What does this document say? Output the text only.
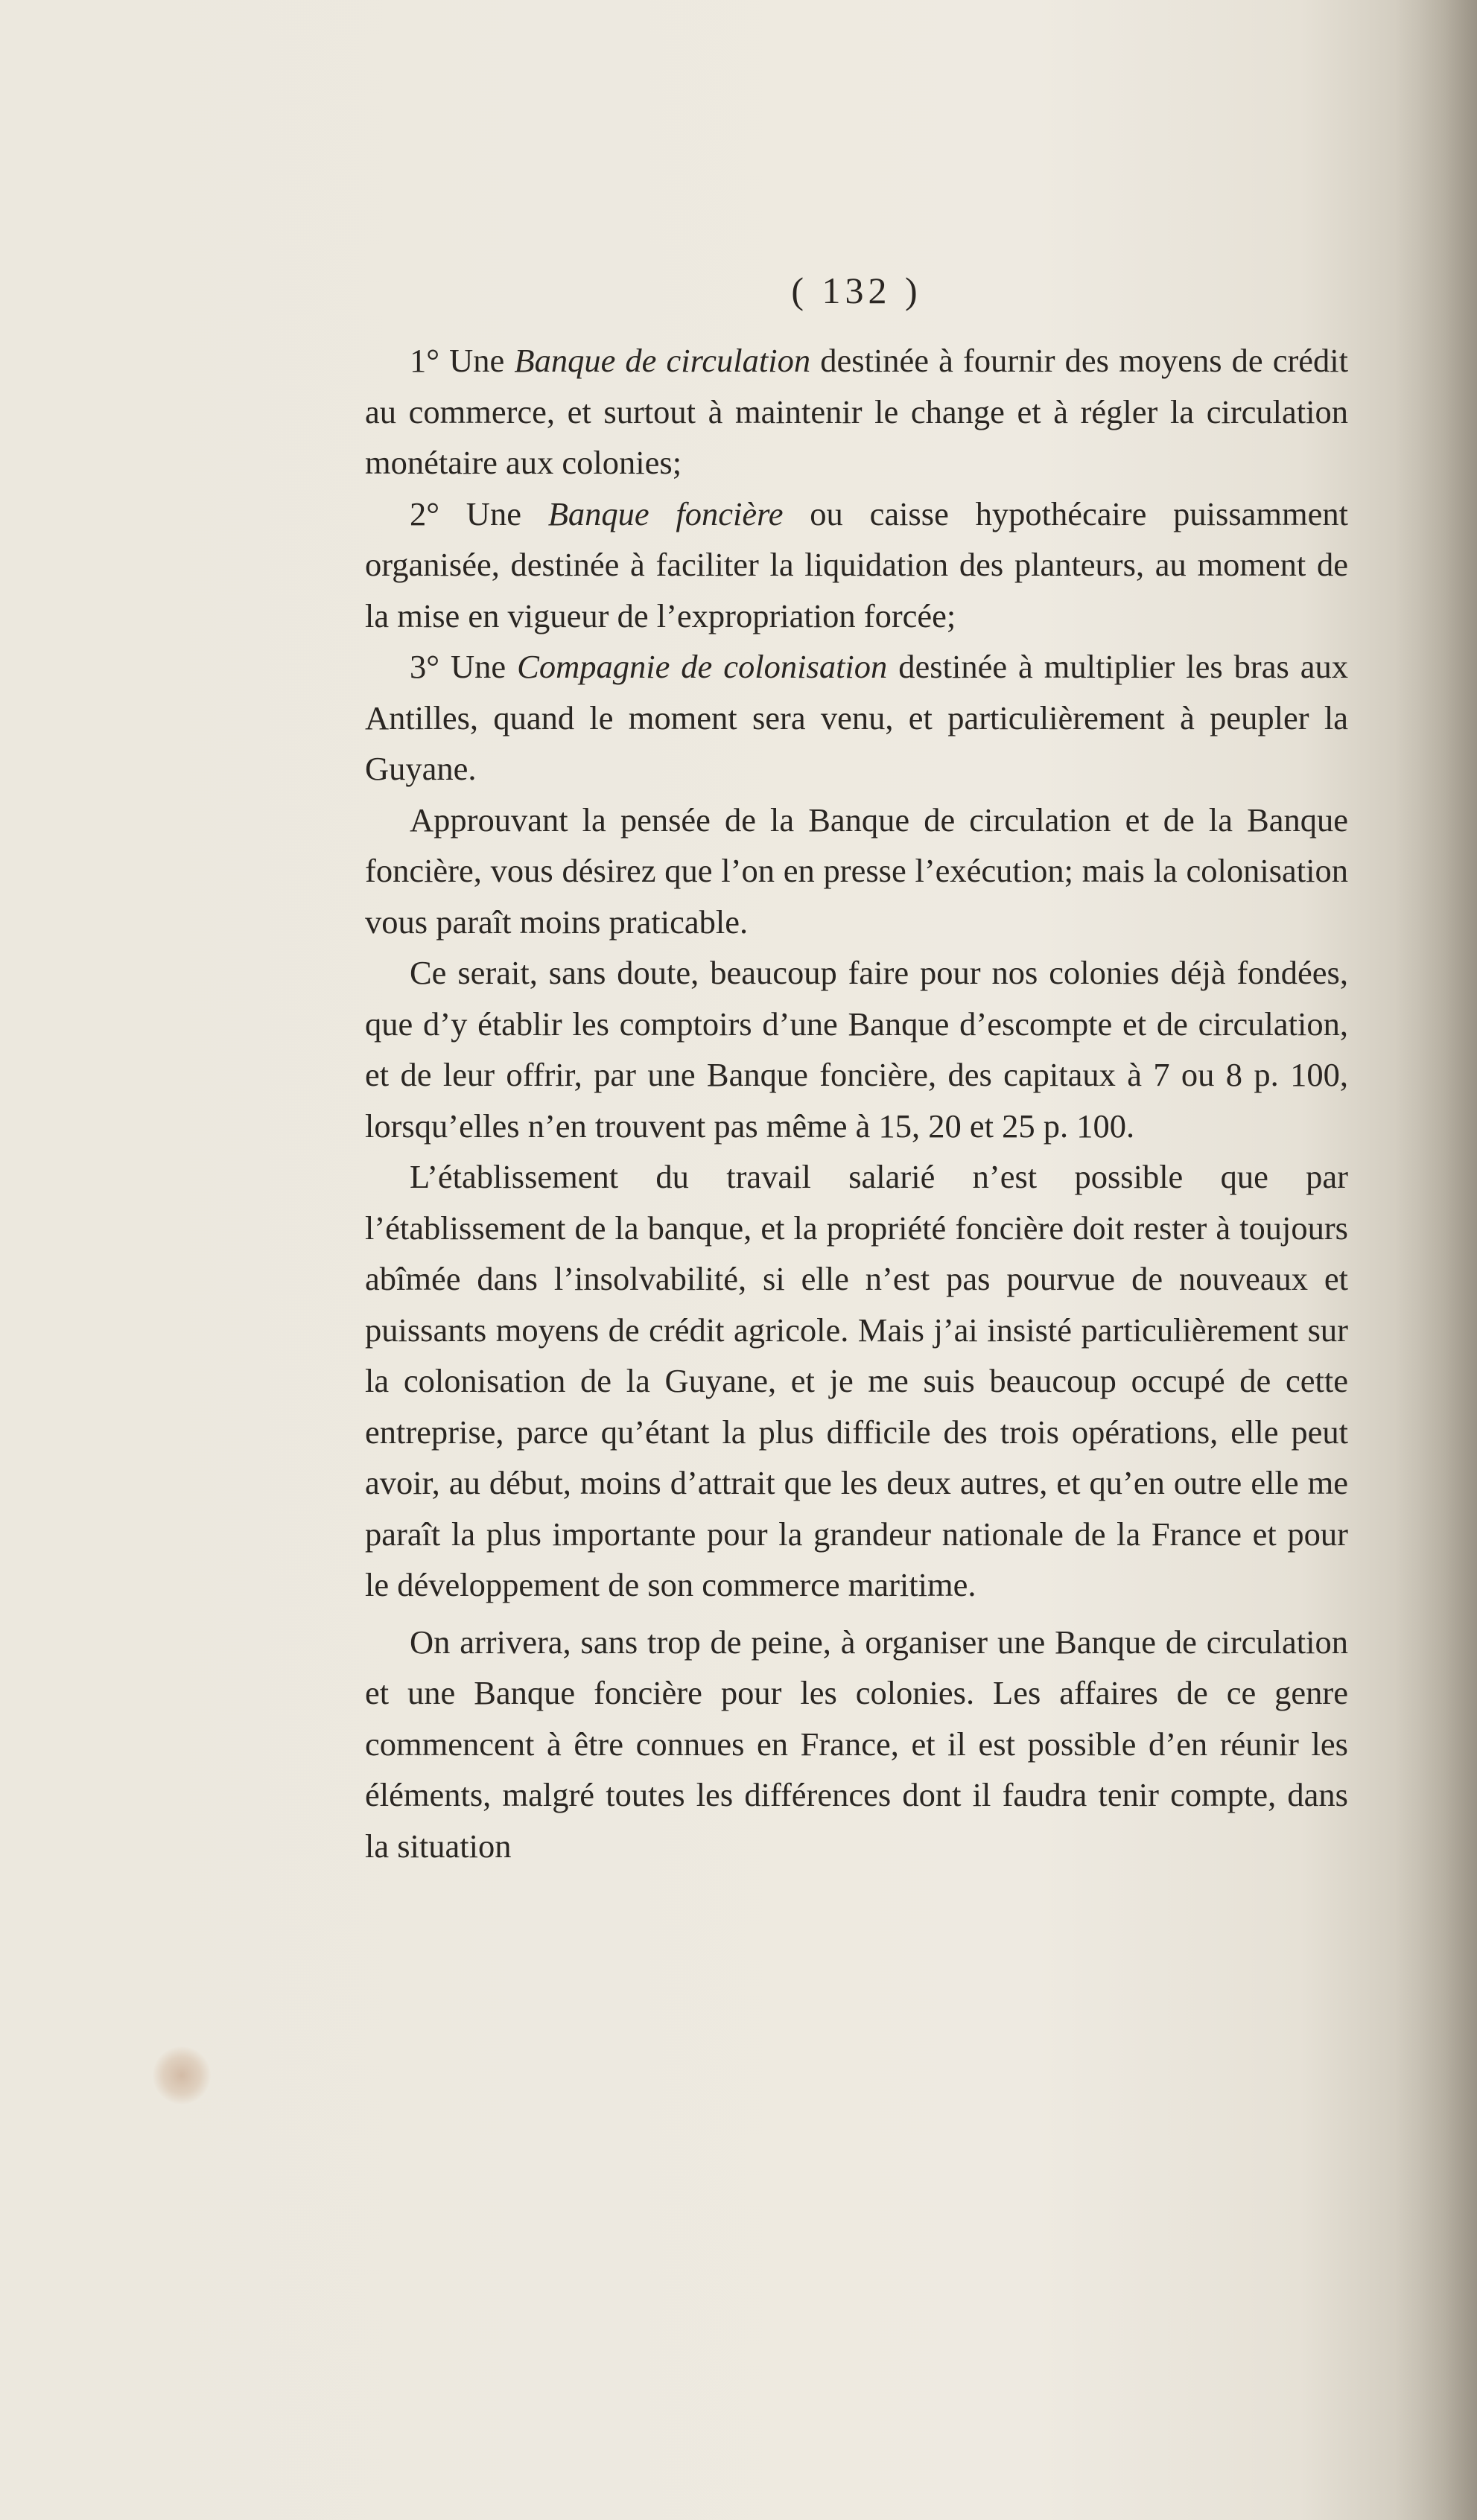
( 132 )

1° Une Banque de circulation destinée à fournir des moyens de crédit au commerce, et surtout à maintenir le change et à régler la circulation monétaire aux colonies;

2° Une Banque foncière ou caisse hypothécaire puissamment organisée, destinée à faciliter la liquidation des planteurs, au moment de la mise en vigueur de l’expropriation forcée;

3° Une Compagnie de colonisation destinée à multiplier les bras aux Antilles, quand le moment sera venu, et particulièrement à peupler la Guyane.

Approuvant la pensée de la Banque de circulation et de la Banque foncière, vous désirez que l’on en presse l’exécution; mais la colonisation vous paraît moins praticable.

Ce serait, sans doute, beaucoup faire pour nos colonies déjà fondées, que d’y établir les comptoirs d’une Banque d’escompte et de circulation, et de leur offrir, par une Banque foncière, des capitaux à 7 ou 8 p. 100, lorsqu’elles n’en trouvent pas même à 15, 20 et 25 p. 100.

L’établissement du travail salarié n’est possible que par l’établissement de la banque, et la propriété foncière doit rester à toujours abîmée dans l’insolvabilité, si elle n’est pas pourvue de nouveaux et puissants moyens de crédit agricole. Mais j’ai insisté particulièrement sur la colonisation de la Guyane, et je me suis beaucoup occupé de cette entreprise, parce qu’étant la plus difficile des trois opérations, elle peut avoir, au début, moins d’attrait que les deux autres, et qu’en outre elle me paraît la plus importante pour la grandeur nationale de la France et pour le développement de son commerce maritime.

On arrivera, sans trop de peine, à organiser une Banque de circulation et une Banque foncière pour les colonies. Les affaires de ce genre commencent à être connues en France, et il est possible d’en réunir les éléments, malgré toutes les différences dont il faudra tenir compte, dans la situation
